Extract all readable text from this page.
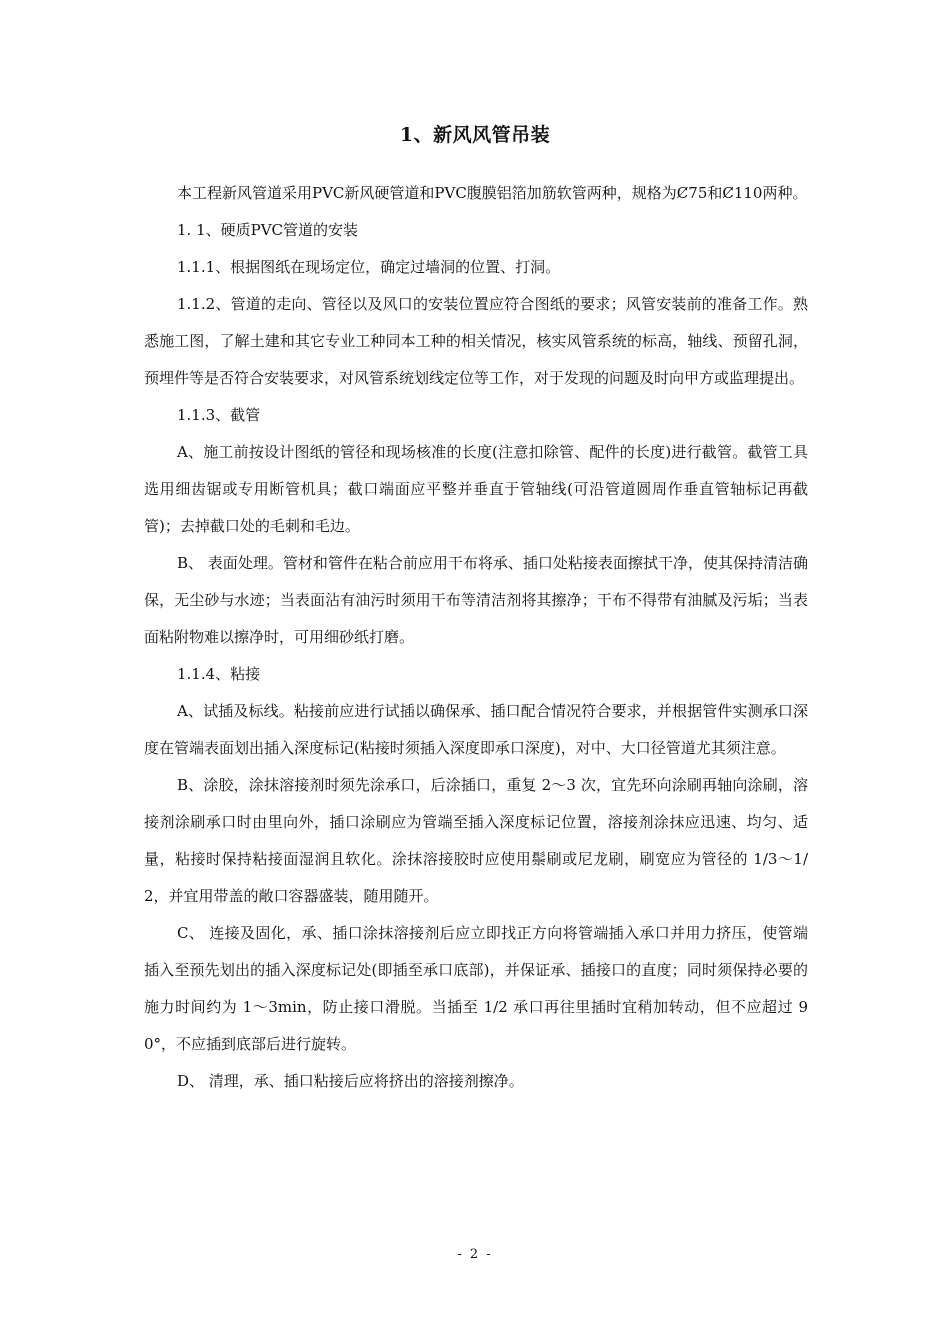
1、新风风管吊装

本工程新风管道采用PVC新风硬管道和PVC腹膜铝箔加筋软管两种，规格为Ȼ75和Ȼ110两种。

1. 1、硬质PVC管道的安装

1.1.1、根据图纸在现场定位，确定过墙洞的位置、打洞。

1.1.2、管道的走向、管径以及风口的安装位置应符合图纸的要求；风管安装前的准备工作。熟悉施工图，了解土建和其它专业工种同本工种的相关情况，核实风管系统的标高，轴线、预留孔洞，预埋件等是否符合安装要求，对风管系统划线定位等工作，对于发现的问题及时向甲方或监理提出。

1.1.3、截管

A、施工前按设计图纸的管径和现场核准的长度(注意扣除管、配件的长度)进行截管。截管工具选用细齿锯或专用断管机具；截口端面应平整并垂直于管轴线(可沿管道圆周作垂直管轴标记再截管)；去掉截口处的毛刺和毛边。

B、 表面处理。管材和管件在粘合前应用干布将承、插口处粘接表面擦拭干净，使其保持清洁确保，无尘砂与水迹；当表面沾有油污时须用干布等清洁剂将其擦净；干布不得带有油腻及污垢；当表面粘附物难以擦净时，可用细砂纸打磨。

1.1.4、粘接

A、试插及标线。粘接前应进行试插以确保承、插口配合情况符合要求，并根据管件实测承口深度在管端表面划出插入深度标记(粘接时须插入深度即承口深度)，对中、大口径管道尤其须注意。

B、涂胶，涂抹溶接剂时须先涂承口，后涂插口，重复 2～3 次，宜先环向涂刷再轴向涂刷，溶接剂涂刷承口时由里向外，插口涂刷应为管端至插入深度标记位置，溶接剂涂抹应迅速、均匀、适量，粘接时保持粘接面湿润且软化。涂抹溶接胶时应使用鬃刷或尼龙刷，刷宽应为管径的 1/3～1/2，并宜用带盖的敞口容器盛装，随用随开。

C、 连接及固化，承、插口涂抹溶接剂后应立即找正方向将管端插入承口并用力挤压，使管端插入至预先划出的插入深度标记处(即插至承口底部)，并保证承、插接口的直度；同时须保持必要的施力时间约为 1～3min，防止接口滑脱。当插至 1/2 承口再往里插时宜稍加转动，但不应超过 90°，不应插到底部后进行旋转。

D、 清理，承、插口粘接后应将挤出的溶接剂擦净。

- 2 -
